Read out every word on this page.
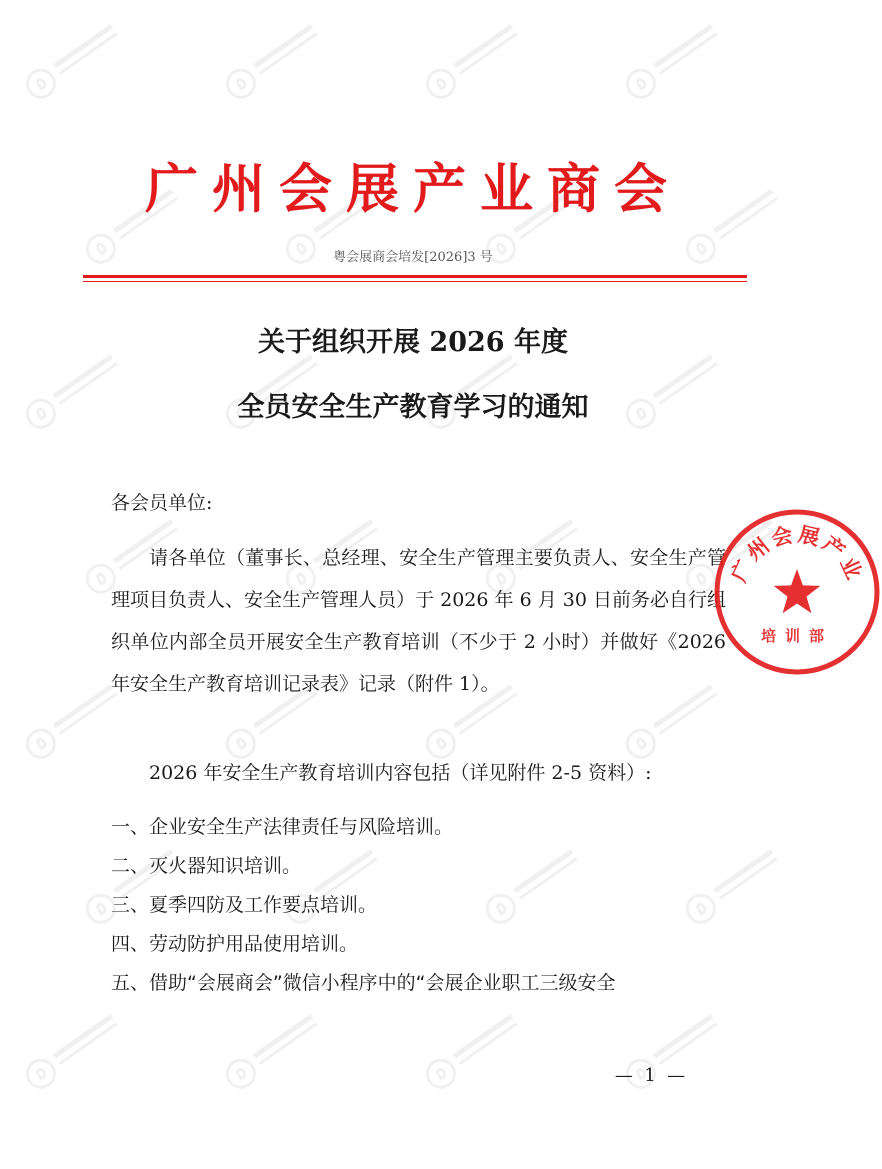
广州会展产业商会
粤会展商会培发[2026]3 号
关于组织开展 2026 年度
全员安全生产教育学习的通知
各会员单位:
请各单位（董事长、总经理、安全生产管理主要负责人、安全生产管理项目负责人、安全生产管理人员）于 2026 年 6 月 30 日前务必自行组织单位内部全员开展安全生产教育培训（不少于 2 小时）并做好《2026 年安全生产教育培训记录表》记录（附件 1）。
2026 年安全生产教育培训内容包括（详见附件 2-5 资料）:
一、企业安全生产法律责任与风险培训。
二、灭火器知识培训。
三、夏季四防及工作要点培训。
四、劳动防护用品使用培训。
五、借助“会展商会”微信小程序中的“会展企业职工三级安全
—  1  —
广州会展产业
培训部
